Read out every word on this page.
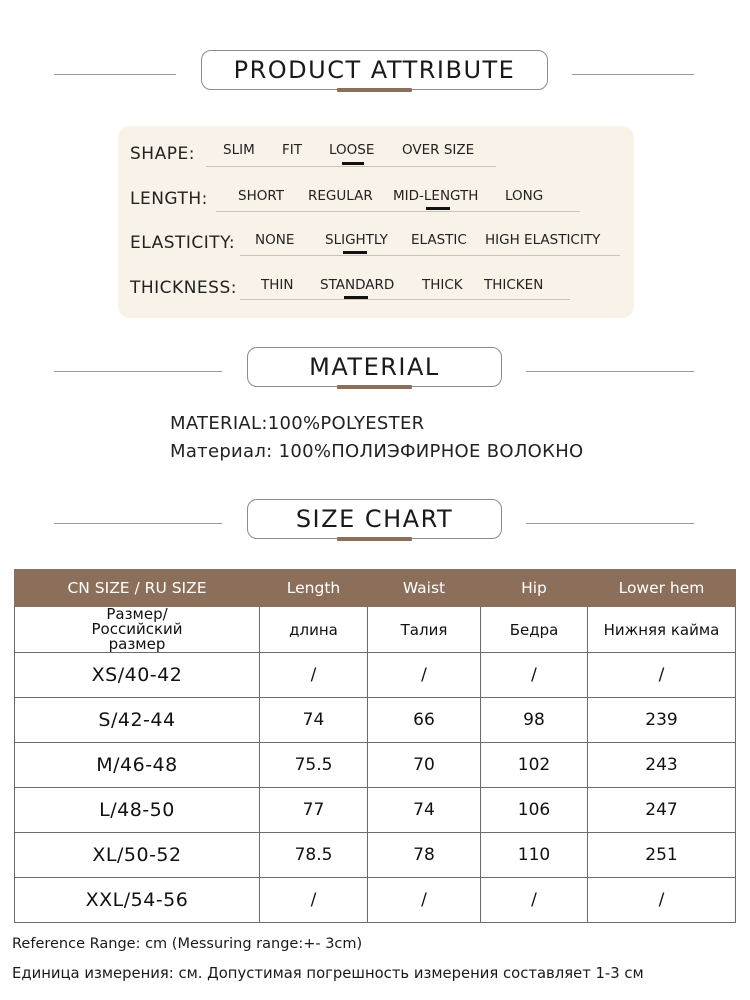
PRODUCT ATTRIBUTE
SHAPE: SLIM FIT LOOSE OVER SIZE
LENGTH: SHORT REGULAR MID-LENGTH LONG
ELASTICITY: NONE SLIGHTLY ELASTIC HIGH ELASTICITY
THICKNESS: THIN STANDARD THICK THICKEN
MATERIAL
MATERIAL:100%POLYESTER
Материал: 100%ПОЛИЭФИРНОЕ ВОЛОКНО
SIZE CHART
CN SIZE / RU SIZE	Length	Waist	Hip	Lower hem
Размер/Российский размер	длина	Талия	Бедра	Нижняя кайма
XS/40-42	/	/	/	/
S/42-44	74	66	98	239
M/46-48	75.5	70	102	243
L/48-50	77	74	106	247
XL/50-52	78.5	78	110	251
XXL/54-56	/	/	/	/
Reference Range: cm (Messuring range:+- 3cm)
Единица измерения: см. Допустимая погрешность измерения составляет 1-3 см
